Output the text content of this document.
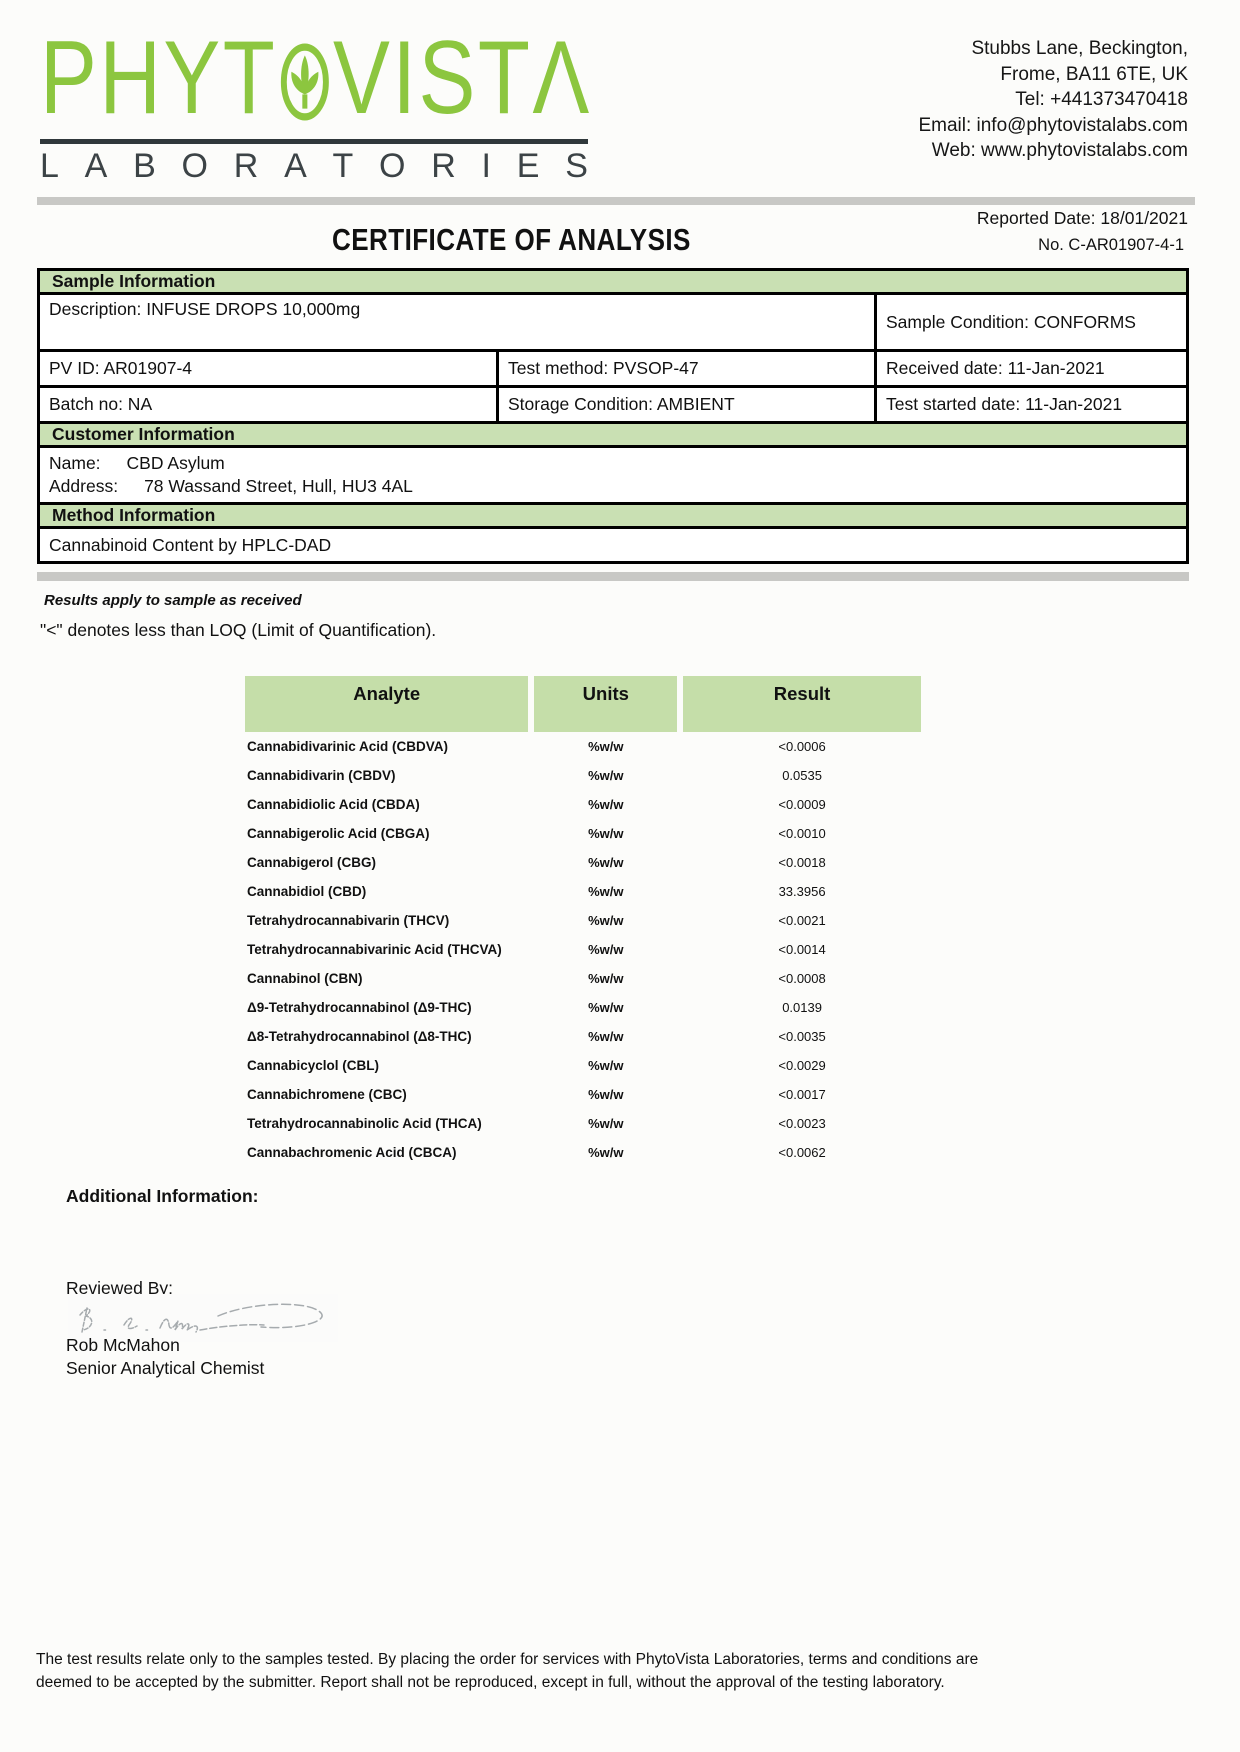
PHYT VIST Λ
L A B O R A T O R I E S
Stubbs Lane, Beckington,
Frome, BA11 6TE, UK
Tel: +441373470418
Email: info@phytovistalabs.com
Web: www.phytovistalabs.com
Reported Date: 18/01/2021
No. C-AR01907-4-1
CERTIFICATE OF ANALYSIS
Sample Information
Description: INFUSE DROPS 10,000mg
Sample Condition: CONFORMS
PV ID: AR01907-4	Test method: PVSOP-47	Received date: 11-Jan-2021
Batch no: NA	Storage Condition: AMBIENT	Test started date: 11-Jan-2021
Customer Information
Name: CBD Asylum
Address: 78 Wassand Street, Hull, HU3 4AL
Method Information
Cannabinoid Content by HPLC-DAD
Results apply to sample as received
"<" denotes less than LOQ (Limit of Quantification).
Analyte	Units	Result
Cannabidivarinic Acid (CBDVA)	%w/w	<0.0006
Cannabidivarin (CBDV)	%w/w	0.0535
Cannabidiolic Acid (CBDA)	%w/w	<0.0009
Cannabigerolic Acid (CBGA)	%w/w	<0.0010
Cannabigerol (CBG)	%w/w	<0.0018
Cannabidiol (CBD)	%w/w	33.3956
Tetrahydrocannabivarin (THCV)	%w/w	<0.0021
Tetrahydrocannabivarinic Acid (THCVA)	%w/w	<0.0014
Cannabinol (CBN)	%w/w	<0.0008
Δ9-Tetrahydrocannabinol (Δ9-THC)	%w/w	0.0139
Δ8-Tetrahydrocannabinol (Δ8-THC)	%w/w	<0.0035
Cannabicyclol (CBL)	%w/w	<0.0029
Cannabichromene (CBC)	%w/w	<0.0017
Tetrahydrocannabinolic Acid (THCA)	%w/w	<0.0023
Cannabachromenic Acid (CBCA)	%w/w	<0.0062
Additional Information:
Reviewed By:
Rob McMahon
Senior Analytical Chemist
The test results relate only to the samples tested. By placing the order for services with PhytoVista Laboratories, terms and conditions are
deemed to be accepted by the submitter. Report shall not be reproduced, except in full, without the approval of the testing laboratory.
